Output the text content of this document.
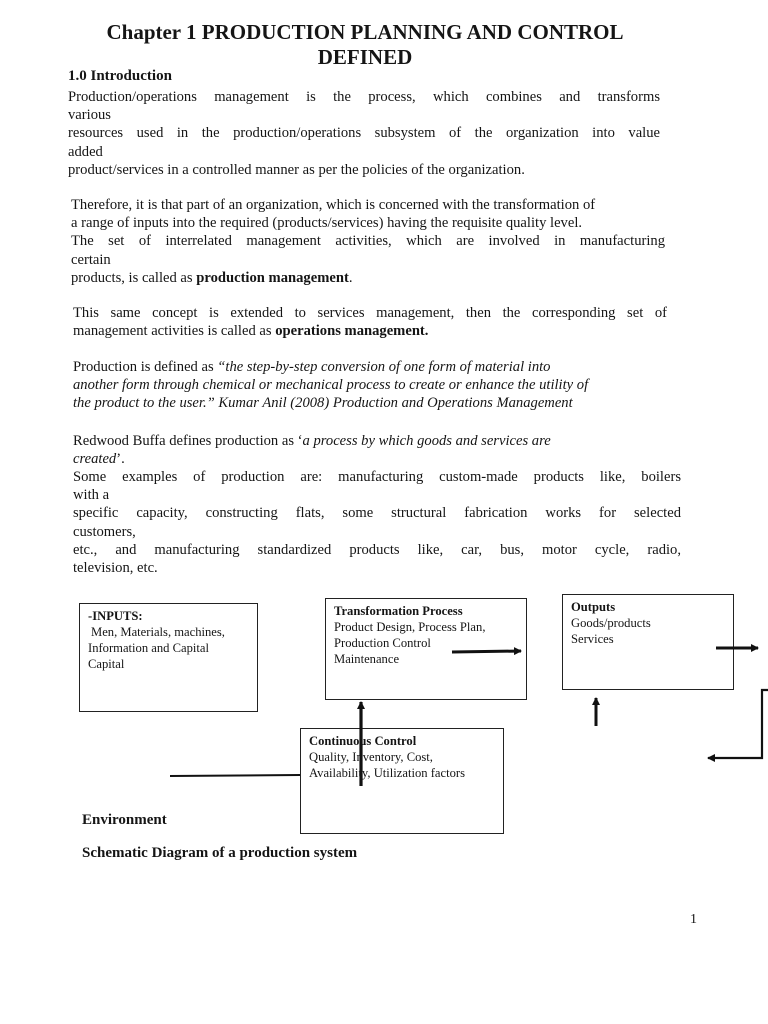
Chapter 1 PRODUCTION PLANNING AND CONTROL
DEFINED
1.0 Introduction
Production/operations management is the process, which combines and transforms
various
resources used in the production/operations subsystem of the organization into value
added
product/services in a controlled manner as per the policies of the organization.
Therefore, it is that part of an organization, which is concerned with the transformation of
a range of inputs into the required (products/services) having the requisite quality level.
The set of interrelated management activities, which are involved in manufacturing
certain
products, is called as production management.
This same concept is extended to services management, then the corresponding set of
management activities is called as operations management.
Production is defined as “the step-by-step conversion of one form of material into
another form through chemical or mechanical process to create or enhance the utility of
the product to the user.” Kumar Anil (2008) Production and Operations Management
Redwood Buffa defines production as ‘a process by which goods and services are
created’.
Some examples of production are: manufacturing custom-made products like, boilers
with a
specific capacity, constructing flats, some structural fabrication works for selected
customers,
etc., and manufacturing standardized products like, car, bus, motor cycle, radio,
television, etc.
-INPUTS:
Men, Materials, machines,
Information and Capital
Capital
Transformation Process
Product Design, Process Plan,
Production Control
Maintenance
Outputs
Goods/products
Services
Continuous Control
Quality, Inventory, Cost,
Availability, Utilization factors
Environment
Schematic Diagram of a production system
1
